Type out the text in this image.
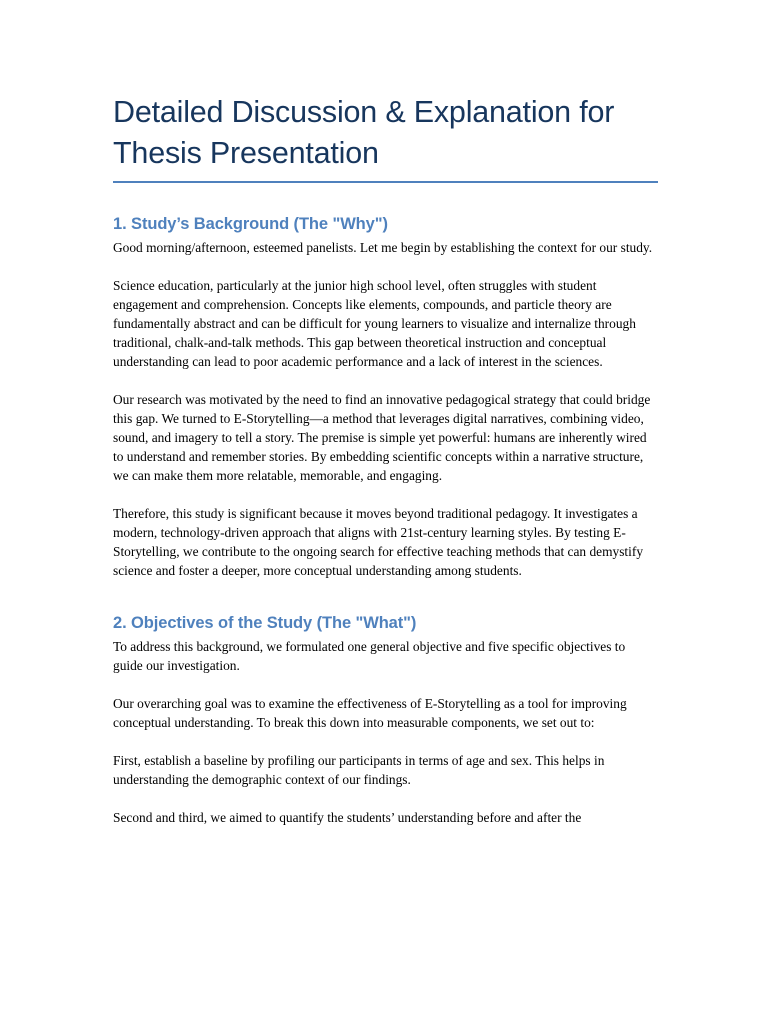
Detailed Discussion & Explanation for Thesis Presentation
1. Study’s Background (The "Why")

Good morning/afternoon, esteemed panelists. Let me begin by establishing the context for our study.

Science education, particularly at the junior high school level, often struggles with student engagement and comprehension. Concepts like elements, compounds, and particle theory are fundamentally abstract and can be difficult for young learners to visualize and internalize through traditional, chalk-and-talk methods. This gap between theoretical instruction and conceptual understanding can lead to poor academic performance and a lack of interest in the sciences.

Our research was motivated by the need to find an innovative pedagogical strategy that could bridge this gap. We turned to E-Storytelling—a method that leverages digital narratives, combining video, sound, and imagery to tell a story. The premise is simple yet powerful: humans are inherently wired to understand and remember stories. By embedding scientific concepts within a narrative structure, we can make them more relatable, memorable, and engaging.

Therefore, this study is significant because it moves beyond traditional pedagogy. It investigates a modern, technology-driven approach that aligns with 21st-century learning styles. By testing E-Storytelling, we contribute to the ongoing search for effective teaching methods that can demystify science and foster a deeper, more conceptual understanding among students.

2. Objectives of the Study (The "What")

To address this background, we formulated one general objective and five specific objectives to guide our investigation.

Our overarching goal was to examine the effectiveness of E-Storytelling as a tool for improving conceptual understanding. To break this down into measurable components, we set out to:

First, establish a baseline by profiling our participants in terms of age and sex. This helps in understanding the demographic context of our findings.

Second and third, we aimed to quantify the students’ understanding before and after the
